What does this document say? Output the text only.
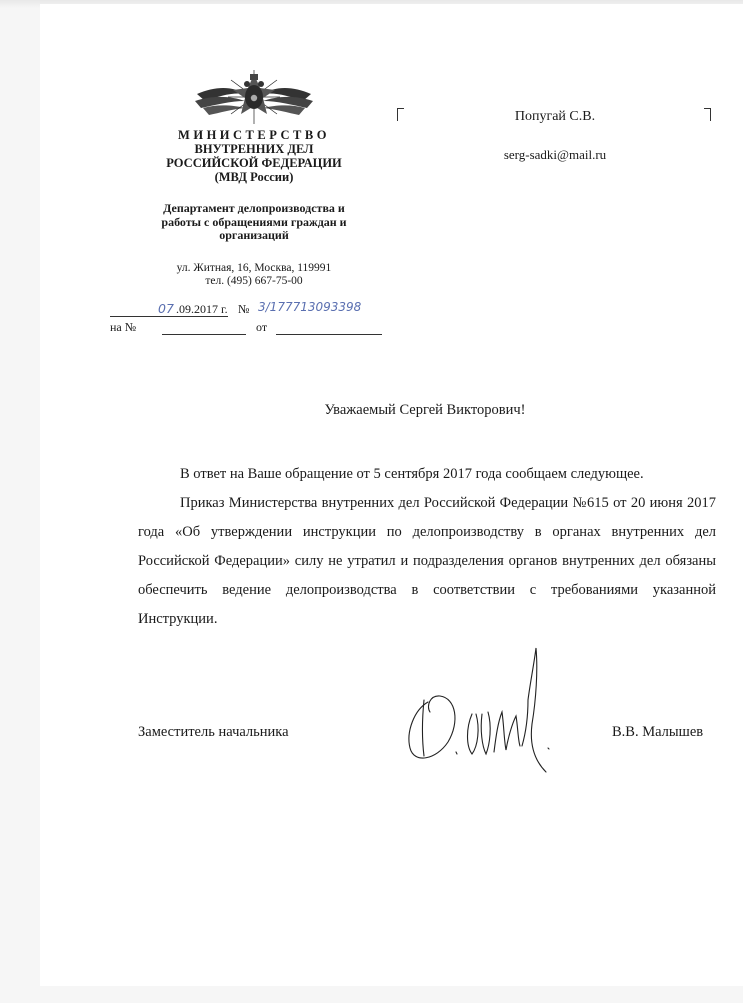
МИНИСТЕРСТВО
ВНУТРЕННИХ ДЕЛ
РОССИЙСКОЙ ФЕДЕРАЦИИ
(МВД России)
Департамент делопроизводства и
работы с обращениями граждан и
организаций
ул. Житная, 16, Москва, 119991
тел. (495) 667-75-00
07 .09.2017 г. № 3/177713093398
на №	от
Попугай С.В.
serg-sadki@mail.ru
Уважаемый Сергей Викторович!

В ответ на Ваше обращение от 5 сентября 2017 года сообщаем следующее.

Приказ Министерства внутренних дел Российской Федерации №615 от 20 июня 2017 года «Об утверждении инструкции по делопроизводству в органах внутренних дел Российской Федерации» силу не утратил и подразделения органов внутренних дел обязаны обеспечить ведение делопроизводства в соответствии с требованиями указанной Инструкции.

Заместитель начальника	В.В. Малышев
